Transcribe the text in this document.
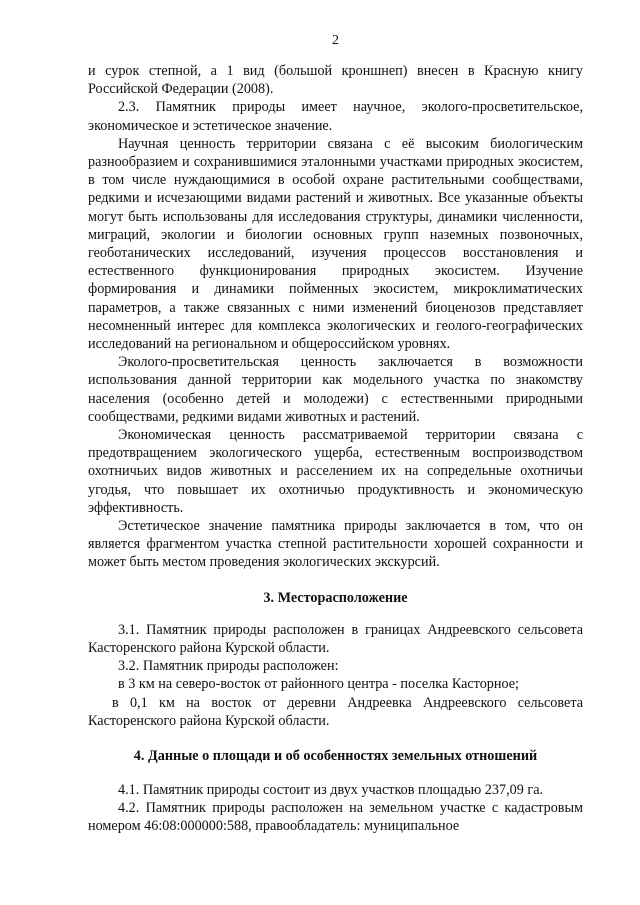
2

и сурок степной, а 1 вид (большой кроншнеп) внесен в Красную книгу Российской Федерации (2008).

2.3. Памятник природы имеет научное, эколого-просветительское, экономическое и эстетическое значение.

Научная ценность территории связана с её высоким биологическим разнообразием и сохранившимися эталонными участками природных экосистем, в том числе нуждающимися в особой охране растительными сообществами, редкими и исчезающими видами растений и животных. Все указанные объекты могут быть использованы для исследования структуры, динамики численности, миграций, экологии и биологии основных групп наземных позвоночных, геоботанических исследований, изучения процессов восстановления и естественного функционирования природных экосистем. Изучение формирования и динамики пойменных экосистем, микроклиматических параметров, а также связанных с ними изменений биоценозов представляет несомненный интерес для комплекса экологических и геолого-географических исследований на региональном и общероссийском уровнях.

Эколого-просветительская ценность заключается в возможности использования данной территории как модельного участка по знакомству населения (особенно детей и молодежи) с естественными природными сообществами, редкими видами животных и растений.

Экономическая ценность рассматриваемой территории связана с предотвращением экологического ущерба, естественным воспроизводством охотничьих видов животных и расселением их на сопредельные охотничьи угодья, что повышает их охотничью продуктивность и экономическую эффективность.

Эстетическое значение памятника природы заключается в том, что он является фрагментом участка степной растительности хорошей сохранности и может быть местом проведения экологических экскурсий.

3. Месторасположение

3.1. Памятник природы расположен в границах Андреевского сельсовета Касторенского района Курской области.

3.2. Памятник природы расположен:

в 3 км на северо-восток от районного центра - поселка Касторное;

в 0,1 км на восток от деревни Андреевка Андреевского сельсовета Касторенского района Курской области.

4. Данные о площади и об особенностях земельных отношений

4.1. Памятник природы состоит из двух участков площадью 237,09 га.

4.2. Памятник природы расположен на земельном участке с кадастровым номером 46:08:000000:588, правообладатель: муниципальное
